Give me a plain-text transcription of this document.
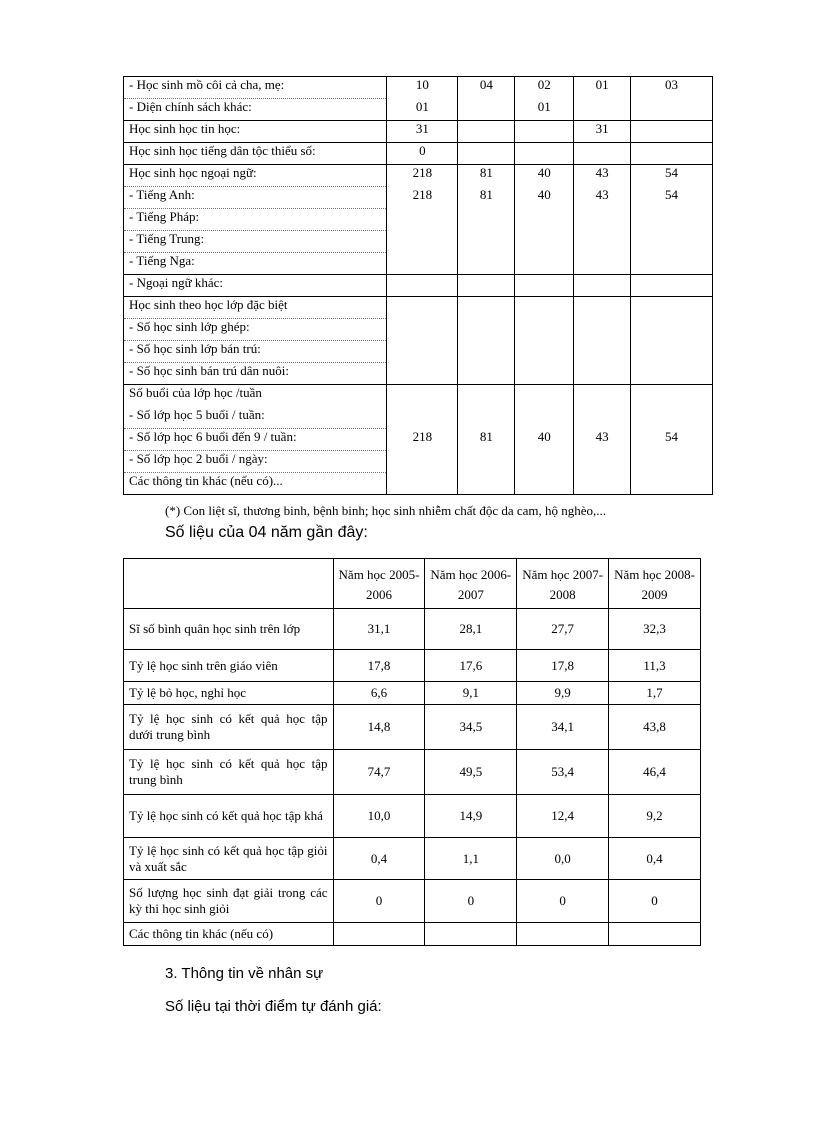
- Học sinh mồ côi cả cha, mẹ:	10	04	02	01	03
- Diện chính sách khác:	01		01		
Học sinh học tin học:	31			31	
Học sinh học tiếng dân tộc thiểu số:	0				
Học sinh học ngoại ngữ:	218	81	40	43	54
- Tiếng Anh:	218	81	40	43	54
- Tiếng Pháp:					
- Tiếng Trung:					
- Tiếng Nga:					
- Ngoại ngữ khác:					
Học sinh theo học lớp đặc biệt					
- Số học sinh lớp ghép:					
- Số học sinh lớp bán trú:					
- Số học sinh bán trú dân nuôi:					
Số buổi của lớp học /tuần					
- Số lớp học 5 buổi / tuần:					
- Số lớp học 6 buổi đến 9 / tuần:	218	81	40	43	54
- Số lớp học 2 buổi / ngày:					
Các thông tin khác (nếu có)...					
(*) Con liệt sĩ, thương binh, bệnh binh; học sinh nhiễm chất độc da cam, hộ nghèo,...
Số liệu của 04 năm gần đây:
	Năm học 2005-2006	Năm học 2006-2007	Năm học 2007-2008	Năm học 2008-2009
Sĩ số bình quân học sinh trên lớp	31,1	28,1	27,7	32,3
Tỷ lệ học sinh trên giáo viên	17,8	17,6	17,8	11,3
Tỷ lệ bỏ học, nghỉ học	6,6	9,1	9,9	1,7
Tỷ lệ học sinh có kết quả học tập dưới trung bình	14,8	34,5	34,1	43,8
Tỷ lệ học sinh có kết quả học tập trung bình	74,7	49,5	53,4	46,4
Tỷ lệ học sinh có kết quả học tập khá	10,0	14,9	12,4	9,2
Tỷ lệ học sinh có kết quả học tập giỏi và xuất sắc	0,4	1,1	0,0	0,4
Số lượng học sinh đạt giải trong các kỳ thi học sinh giỏi	0	0	0	0
Các thông tin khác (nếu có)				
3. Thông tin về nhân sự
Số liệu tại thời điểm tự đánh giá:
